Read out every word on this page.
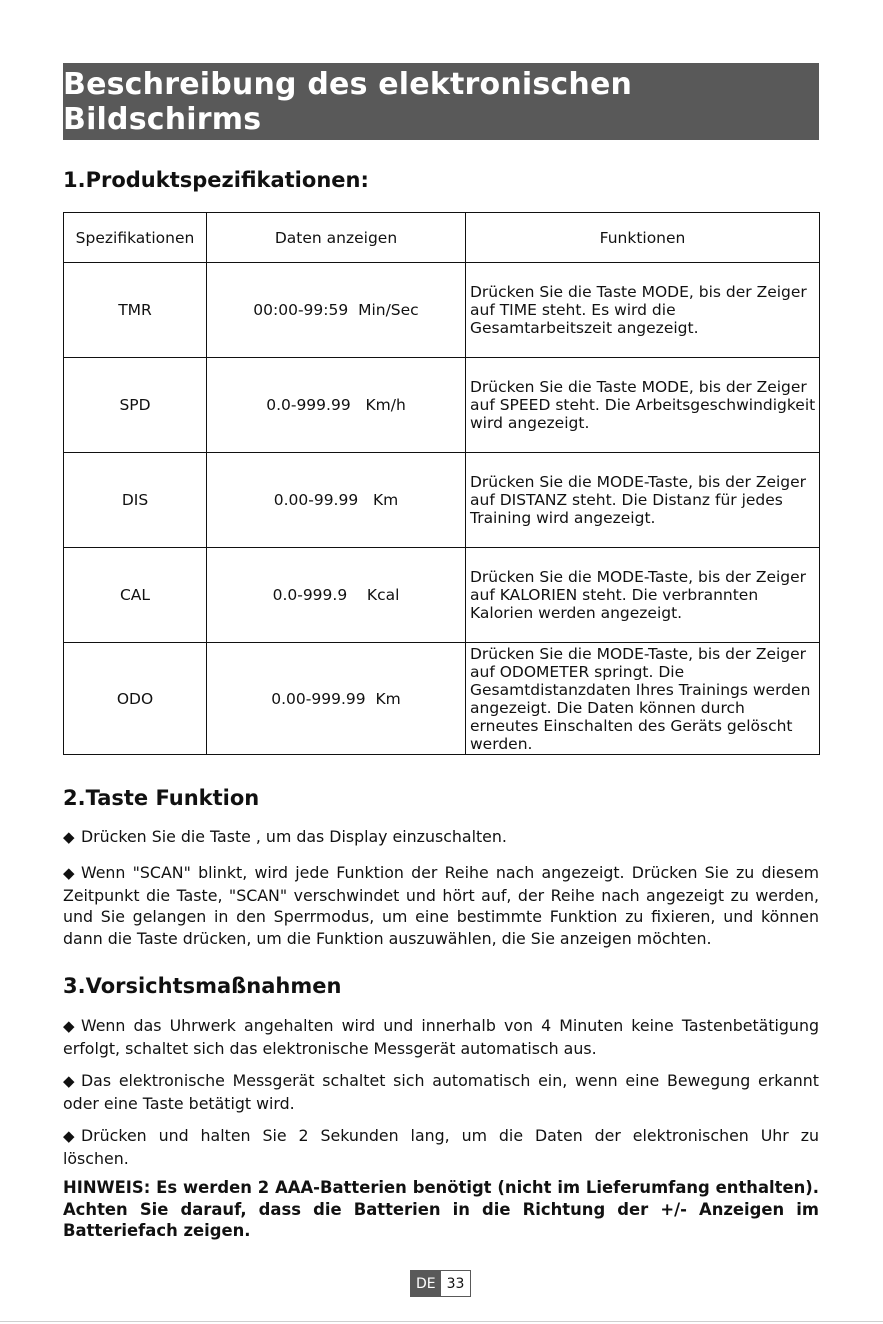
Beschreibung des elektronischen Bildschirms
1.Produktspezifikationen:
Spezifikationen	Daten anzeigen	Funktionen
TMR	00:00-99:59  Min/Sec	Drücken Sie die Taste MODE, bis der Zeiger auf TIME steht. Es wird die Gesamtarbeitszeit angezeigt.
SPD	0.0-999.99   Km/h	Drücken Sie die Taste MODE, bis der Zeiger auf SPEED steht. Die Arbeitsgeschwindigkeit wird angezeigt.
DIS	0.00-99.99   Km	Drücken Sie die MODE-Taste, bis der Zeiger auf DISTANZ steht. Die Distanz für jedes Training wird angezeigt.
CAL	0.0-999.9    Kcal	Drücken Sie die MODE-Taste, bis der Zeiger auf KALORIEN steht. Die verbrannten Kalorien werden angezeigt.
ODO	0.00-999.99  Km	Drücken Sie die MODE-Taste, bis der Zeiger auf ODOMETER springt. Die Gesamtdistanzdaten Ihres Trainings werden angezeigt. Die Daten können durch erneutes Einschalten des Geräts gelöscht werden.
2.Taste Funktion

◆ Drücken Sie die Taste , um das Display einzuschalten.

◆ Wenn "SCAN" blinkt, wird jede Funktion der Reihe nach angezeigt. Drücken Sie zu diesem Zeitpunkt die Taste, "SCAN" verschwindet und hört auf, der Reihe nach angezeigt zu werden, und Sie gelangen in den Sperrmodus, um eine bestimmte Funktion zu fixieren, und können dann die Taste drücken, um die Funktion auszuwählen, die Sie anzeigen möchten.

3.Vorsichtsmaßnahmen

◆ Wenn das Uhrwerk angehalten wird und innerhalb von 4 Minuten keine Tastenbetätigung erfolgt, schaltet sich das elektronische Messgerät automatisch aus.

◆ Das elektronische Messgerät schaltet sich automatisch ein, wenn eine Bewegung erkannt oder eine Taste betätigt wird.

◆ Drücken und halten Sie 2 Sekunden lang, um die Daten der elektronischen Uhr zu löschen.

HINWEIS: Es werden 2 AAA-Batterien benötigt (nicht im Lieferumfang enthalten). Achten Sie darauf, dass die Batterien in die Richtung der +/- Anzeigen im Batteriefach zeigen.

DE 33
